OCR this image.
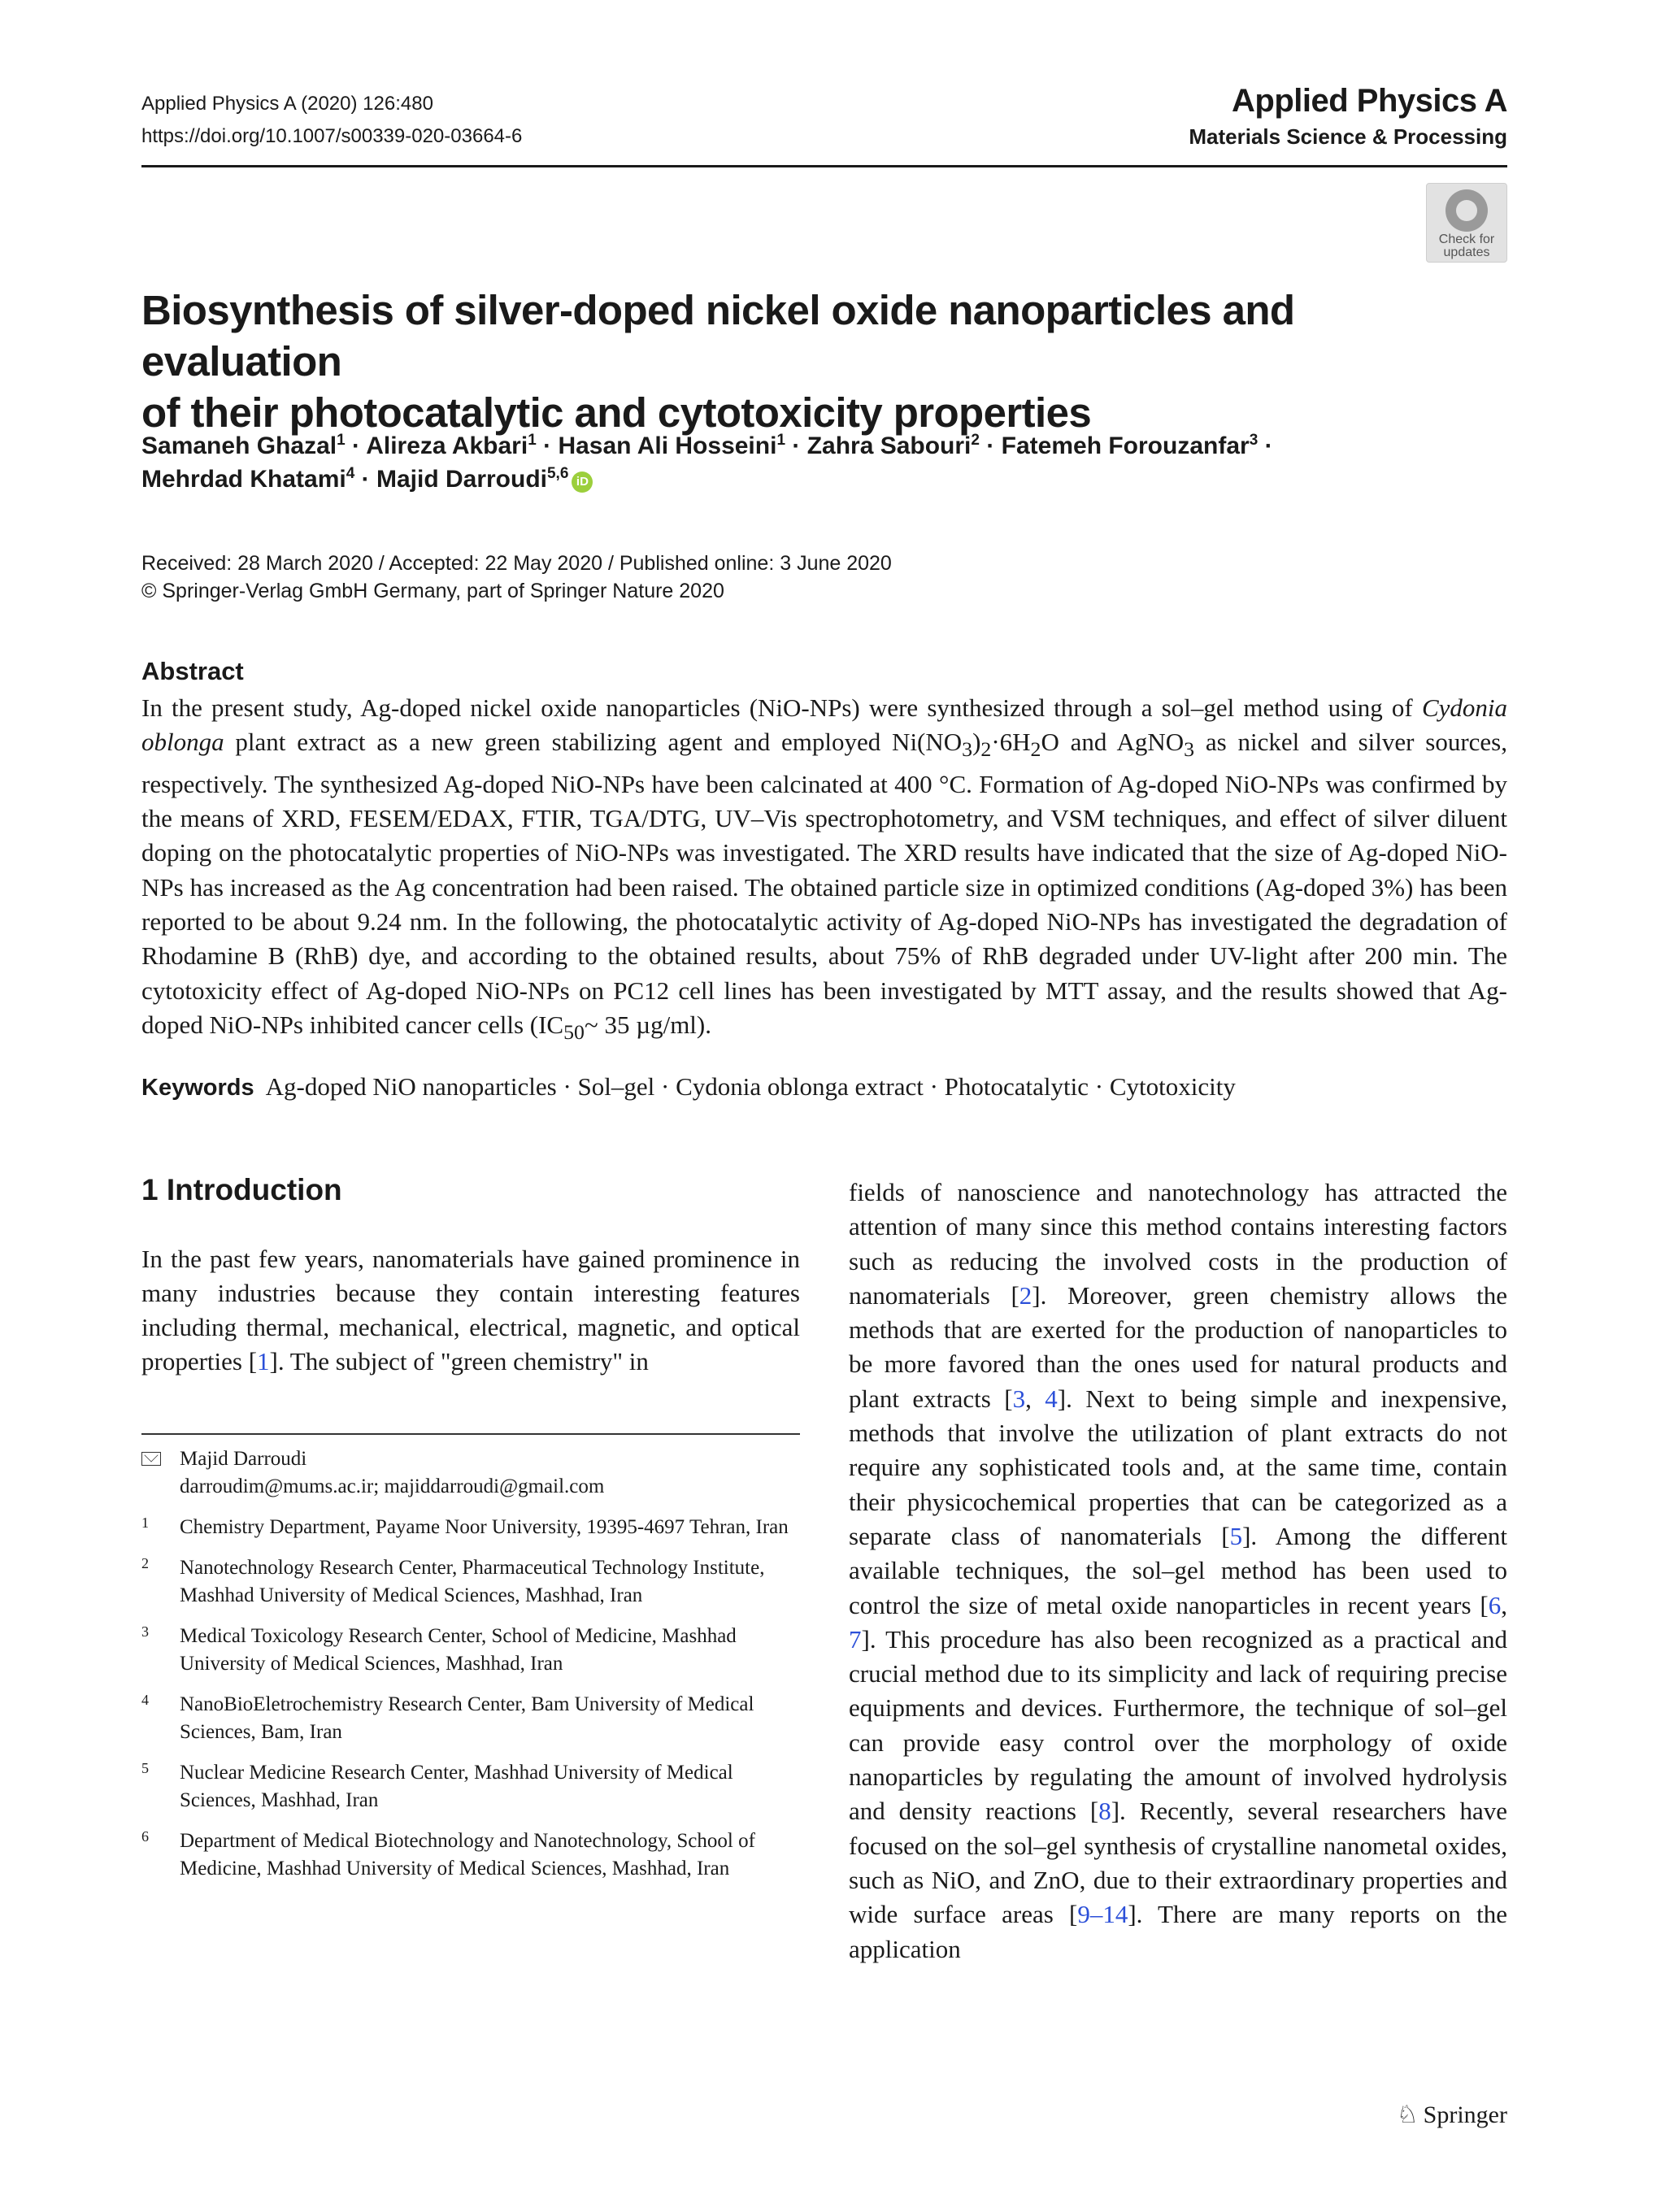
Applied Physics A (2020) 126:480
https://doi.org/10.1007/s00339-020-03664-6
Applied Physics A
Materials Science & Processing
Check for
updates
Biosynthesis of silver-doped nickel oxide nanoparticles and evaluation
of their photocatalytic and cytotoxicity properties
Samaneh Ghazal$^1$ · Alireza Akbari$^1$ · Hasan Ali Hosseini$^1$ · Zahra Sabouri$^2$ · Fatemeh Forouzanfar$^3$ ·
Mehrdad Khatami$^4$ · Majid Darroudi$^{5,6}$ iD
Received: 28 March 2020 / Accepted: 22 May 2020 / Published online: 3 June 2020
© Springer-Verlag GmbH Germany, part of Springer Nature 2020
Abstract
In the present study, Ag-doped nickel oxide nanoparticles (NiO-NPs) were synthesized through a sol–gel method using of Cydonia oblonga plant extract as a new green stabilizing agent and employed $Ni(NO_3)_2\cdot 6H_2O$ and AgNO$_3$ as nickel and silver sources, respectively. The synthesized Ag-doped NiO-NPs have been calcinated at 400 °C. Formation of Ag-doped NiO-NPs was confirmed by the means of XRD, FESEM/EDAX, FTIR, TGA/DTG, UV–Vis spectrophotometry, and VSM techniques, and effect of silver diluent doping on the photocatalytic properties of NiO-NPs was investigated. The XRD results have indicated that the size of Ag-doped NiO-NPs has increased as the Ag concentration had been raised. The obtained particle size in optimized conditions (Ag-doped 3%) has been reported to be about 9.24 nm. In the following, the photocatalytic activity of Ag-doped NiO-NPs has investigated the degradation of Rhodamine B (RhB) dye, and according to the obtained results, about 75% of RhB degraded under UV-light after 200 min. The cytotoxicity effect of Ag-doped NiO-NPs on PC12 cell lines has been investigated by MTT assay, and the results showed that Ag-doped NiO-NPs inhibited cancer cells ($IC_{50}\sim$ 35 µg/ml).
Keywords Ag-doped NiO nanoparticles · Sol–gel · Cydonia oblonga extract · Photocatalytic · Cytotoxicity
1 Introduction
In the past few years, nanomaterials have gained prominence in many industries because they contain interesting features including thermal, mechanical, electrical, magnetic, and optical properties [1]. The subject of "green chemistry" in
fields of nanoscience and nanotechnology has attracted the attention of many since this method contains interesting factors such as reducing the involved costs in the production of nanomaterials [2]. Moreover, green chemistry allows the methods that are exerted for the production of nanoparticles to be more favored than the ones used for natural products and plant extracts [3, 4]. Next to being simple and inexpensive, methods that involve the utilization of plant extracts do not require any sophisticated tools and, at the same time, contain their physicochemical properties that can be categorized as a separate class of nanomaterials [5]. Among the different available techniques, the sol–gel method has been used to control the size of metal oxide nanoparticles in recent years [6, 7]. This procedure has also been recognized as a practical and crucial method due to its simplicity and lack of requiring precise equipments and devices. Furthermore, the technique of sol–gel can provide easy control over the morphology of oxide nanoparticles by regulating the amount of involved hydrolysis and density reactions [8]. Recently, several researchers have focused on the sol–gel synthesis of crystalline nanometal oxides, such as NiO, and ZnO, due to their extraordinary properties and wide surface areas [9–14]. There are many reports on the application
Majid Darroudi
darroudim@mums.ac.ir; majiddarroudi@gmail.com
1 Chemistry Department, Payame Noor University, 19395-4697 Tehran, Iran
2 Nanotechnology Research Center, Pharmaceutical Technology Institute, Mashhad University of Medical Sciences, Mashhad, Iran
3 Medical Toxicology Research Center, School of Medicine, Mashhad University of Medical Sciences, Mashhad, Iran
4 NanoBioEletrochemistry Research Center, Bam University of Medical Sciences, Bam, Iran
5 Nuclear Medicine Research Center, Mashhad University of Medical Sciences, Mashhad, Iran
6 Department of Medical Biotechnology and Nanotechnology, School of Medicine, Mashhad University of Medical Sciences, Mashhad, Iran
♘ Springer
